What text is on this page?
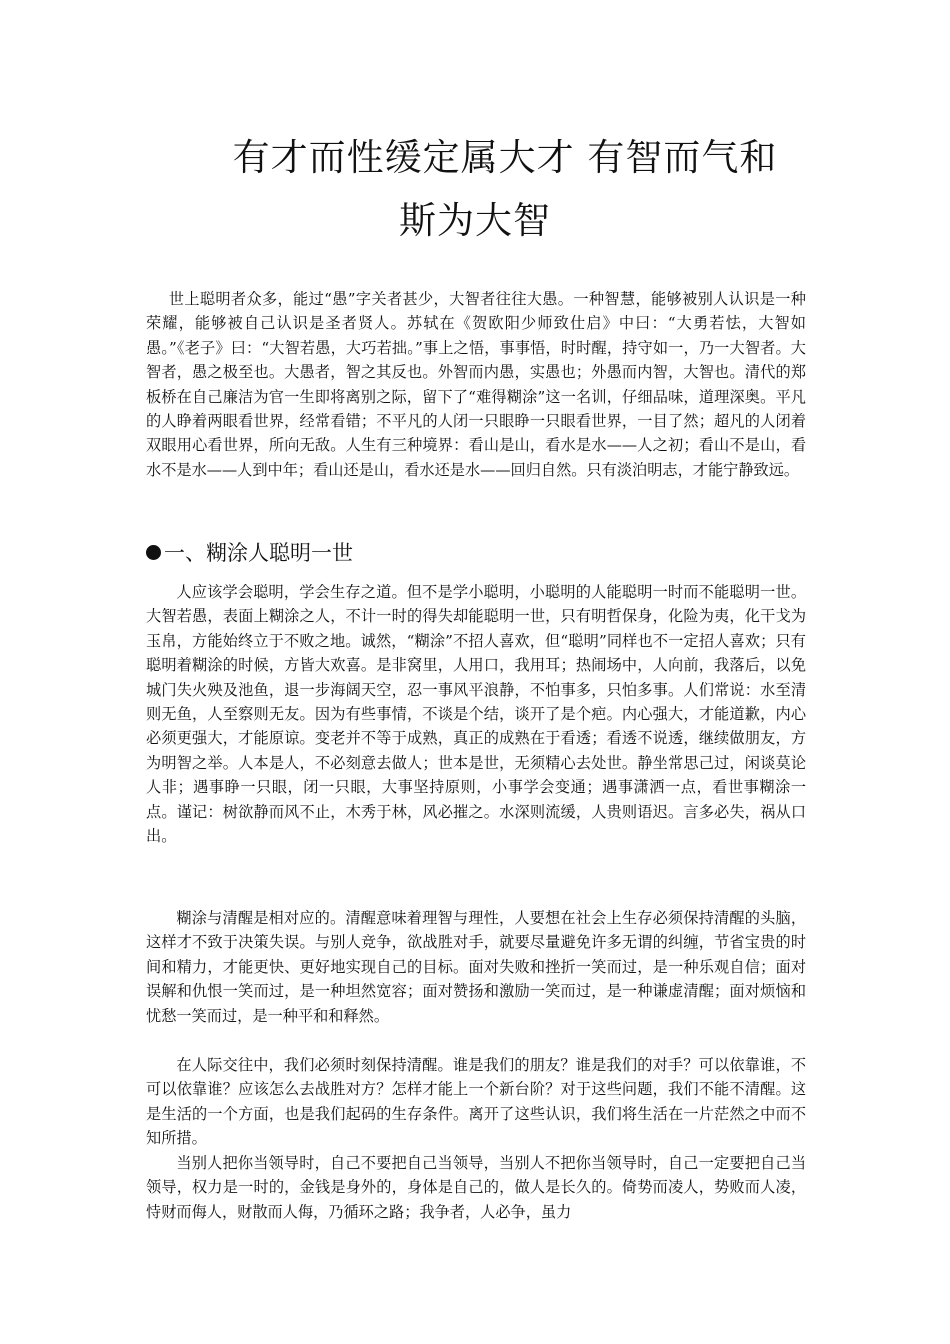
有才而性缓定属大才 有智而气和
斯为大智

世上聪明者众多，能过“愚”字关者甚少，大智者往往大愚。一种智慧，能够被别人认识是一种荣耀，能够被自己认识是圣者贤人。苏轼在《贺欧阳少师致仕启》中曰：“大勇若怯，大智如愚。”《老子》曰：“大智若愚，大巧若拙。”事上之悟，事事悟，时时醒，持守如一，乃一大智者。大智者，愚之极至也。大愚者，智之其反也。外智而内愚，实愚也；外愚而内智，大智也。清代的郑板桥在自己廉洁为官一生即将离别之际，留下了“难得糊涂”这一名训，仔细品味，道理深奥。平凡的人睁着两眼看世界，经常看错；不平凡的人闭一只眼睁一只眼看世界，一目了然；超凡的人闭着双眼用心看世界，所向无敌。人生有三种境界：看山是山，看水是水——人之初；看山不是山，看水不是水——人到中年；看山还是山，看水还是水——回归自然。只有淡泊明志，才能宁静致远。

一、糊涂人聪明一世

人应该学会聪明，学会生存之道。但不是学小聪明，小聪明的人能聪明一时而不能聪明一世。大智若愚，表面上糊涂之人，不计一时的得失却能聪明一世，只有明哲保身，化险为夷，化干戈为玉帛，方能始终立于不败之地。诚然，“糊涂”不招人喜欢，但“聪明”同样也不一定招人喜欢；只有聪明着糊涂的时候，方皆大欢喜。是非窝里，人用口，我用耳；热闹场中，人向前，我落后，以免城门失火殃及池鱼，退一步海阔天空，忍一事风平浪静，不怕事多，只怕多事。人们常说：水至清则无鱼，人至察则无友。因为有些事情，不谈是个结，谈开了是个疤。内心强大，才能道歉，内心必须更强大，才能原谅。变老并不等于成熟，真正的成熟在于看透；看透不说透，继续做朋友，方为明智之举。人本是人，不必刻意去做人；世本是世，无须精心去处世。静坐常思己过，闲谈莫论人非；遇事睁一只眼，闭一只眼，大事坚持原则，小事学会变通；遇事潇洒一点，看世事糊涂一点。谨记：树欲静而风不止，木秀于林，风必摧之。水深则流缓，人贵则语迟。言多必失，祸从口出。

糊涂与清醒是相对应的。清醒意味着理智与理性，人要想在社会上生存必须保持清醒的头脑，这样才不致于决策失误。与别人竞争，欲战胜对手，就要尽量避免许多无谓的纠缠，节省宝贵的时间和精力，才能更快、更好地实现自己的目标。面对失败和挫折一笑而过，是一种乐观自信；面对误解和仇恨一笑而过，是一种坦然宽容；面对赞扬和激励一笑而过，是一种谦虚清醒；面对烦恼和忧愁一笑而过，是一种平和和释然。

在人际交往中，我们必须时刻保持清醒。谁是我们的朋友？谁是我们的对手？可以依靠谁，不可以依靠谁？应该怎么去战胜对方？怎样才能上一个新台阶？对于这些问题，我们不能不清醒。这是生活的一个方面，也是我们起码的生存条件。离开了这些认识，我们将生活在一片茫然之中而不知所措。

当别人把你当领导时，自己不要把自己当领导，当别人不把你当领导时，自己一定要把自己当领导，权力是一时的，金钱是身外的，身体是自己的，做人是长久的。倚势而凌人，势败而人凌，恃财而侮人，财散而人侮，乃循环之路；我争者，人必争，虽力
